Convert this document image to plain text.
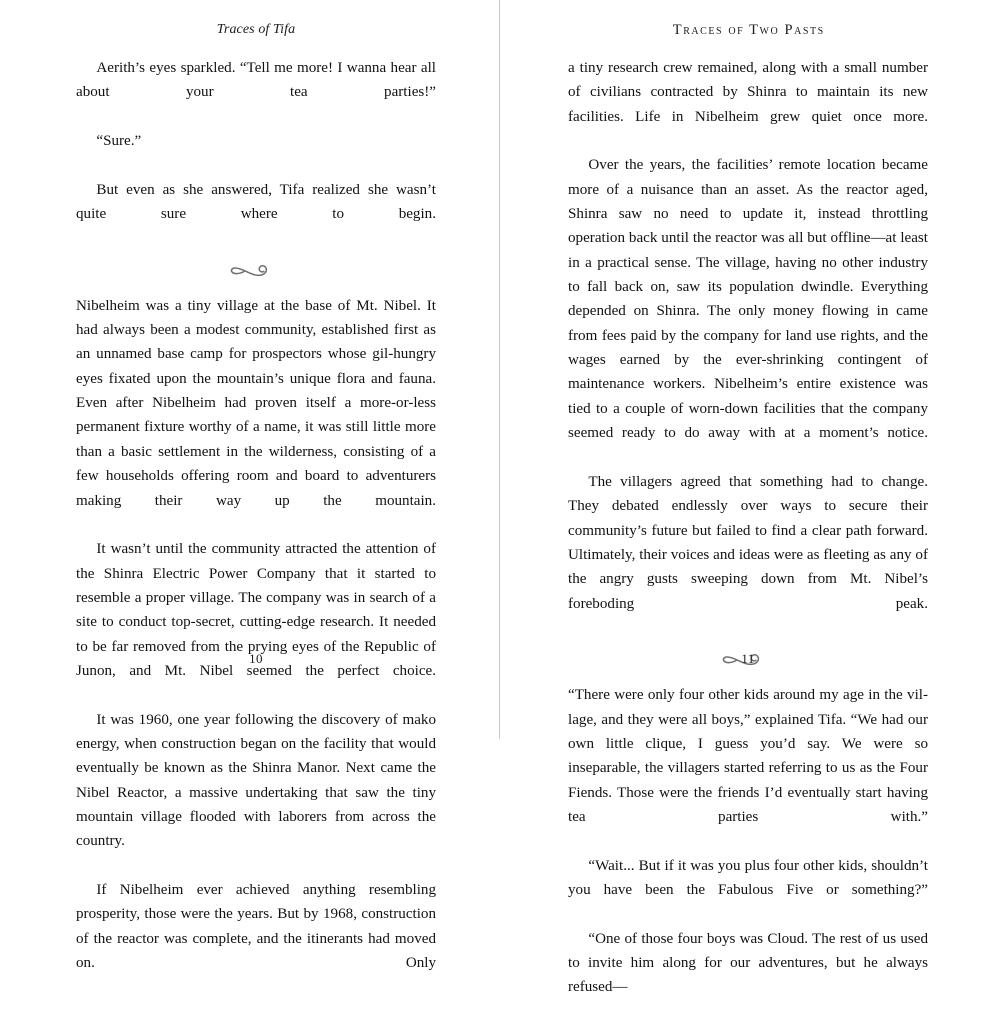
Traces of Tifa

Aerith’s eyes sparkled. “Tell me more! I wanna hear all about your tea parties!”

“Sure.”

But even as she answered, Tifa realized she wasn’t quite sure where to begin.

Nibelheim was a tiny village at the base of Mt. Nibel. It had always been a modest community, established first as an unnamed base camp for prospectors whose gil-hungry eyes fixated upon the mountain’s unique flora and fauna. Even after Nibelheim had proven itself a more-or-less permanent fixture worthy of a name, it was still little more than a basic settlement in the wilderness, consisting of a few households offering room and board to adventurers making their way up the mountain.

It wasn’t until the community attracted the attention of the Shinra Electric Power Company that it started to resemble a proper village. The company was in search of a site to conduct top-secret, cutting-edge research. It needed to be far removed from the prying eyes of the Republic of Junon, and Mt. Nibel seemed the perfect choice.

It was 1960, one year following the discovery of mako energy, when construction began on the facility that would eventually be known as the Shinra Manor. Next came the Nibel Reactor, a massive undertaking that saw the tiny mountain village flooded with laborers from across the country.

If Nibelheim ever achieved anything resembling prosperity, those were the years. But by 1968, construction of the reactor was complete, and the itinerants had moved on. Only

10
Traces of Two Pasts

a tiny research crew remained, along with a small number of civilians contracted by Shinra to maintain its new facilities. Life in Nibelheim grew quiet once more.

Over the years, the facilities’ remote location became more of a nuisance than an asset. As the reactor aged, Shinra saw no need to update it, instead throttling operation back until the reactor was all but offline—at least in a practical sense. The village, having no other industry to fall back on, saw its population dwindle. Everything depended on Shinra. The only money flowing in came from fees paid by the company for land use rights, and the wages earned by the ever-shrinking contingent of maintenance workers. Nibelheim’s entire existence was tied to a couple of worn-down facilities that the company seemed ready to do away with at a moment’s notice.

The villagers agreed that something had to change. They debated endlessly over ways to secure their community’s future but failed to find a clear path forward. Ultimately, their voices and ideas were as fleeting as any of the angry gusts sweeping down from Mt. Nibel’s foreboding peak.

“There were only four other kids around my age in the village, and they were all boys,” explained Tifa. “We had our own little clique, I guess you’d say. We were so inseparable, the villagers started referring to us as the Four Fiends. Those were the friends I’d eventually start having tea parties with.”

“Wait... But if it was you plus four other kids, shouldn’t you have been the Fabulous Five or something?”

“One of those four boys was Cloud. The rest of us used to invite him along for our adventures, but he always refused—

11
